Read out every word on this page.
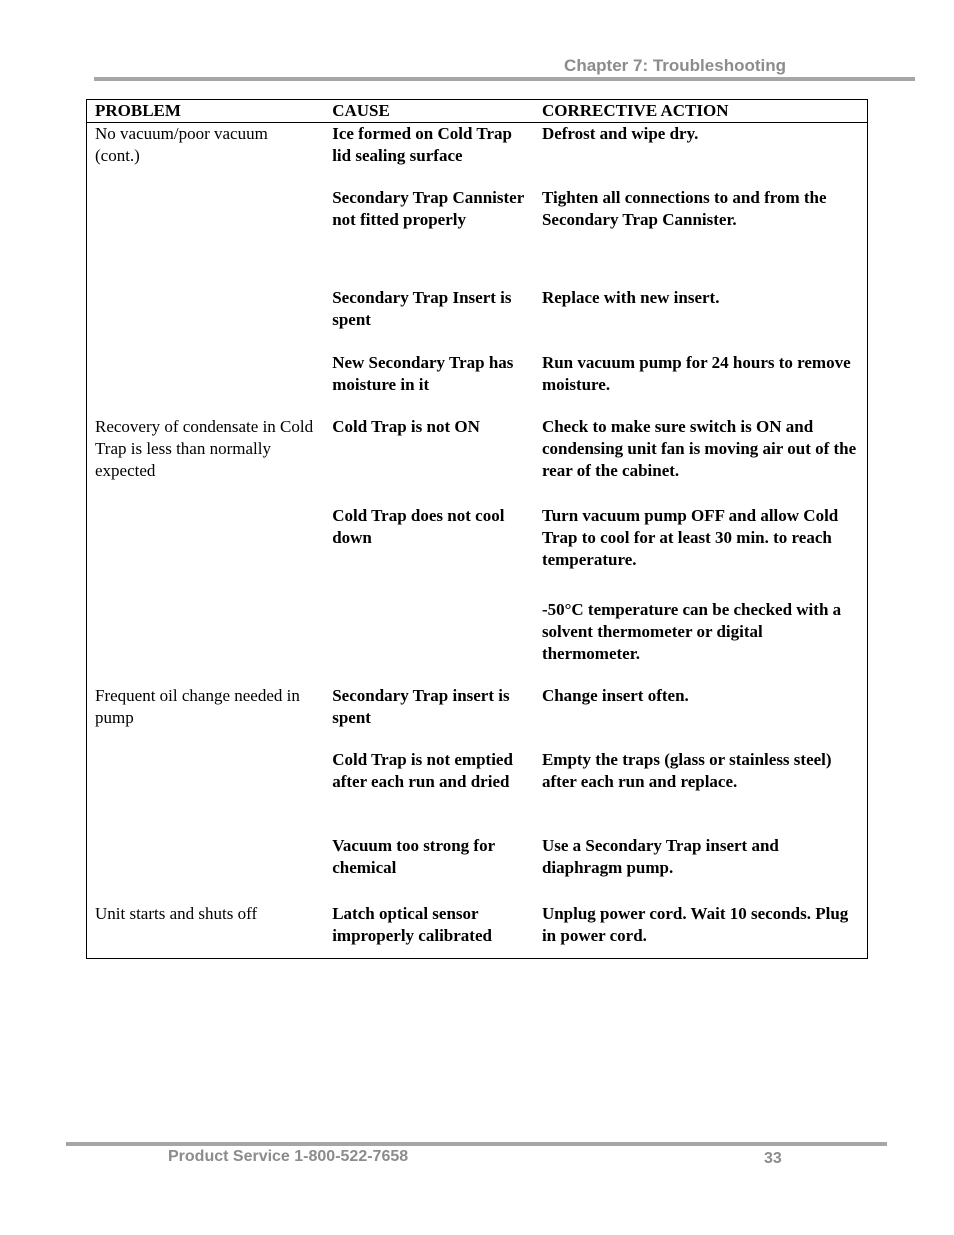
Chapter 7: Troubleshooting
PROBLEM	CAUSE	CORRECTIVE ACTION
No vacuum/poor vacuum (cont.)	Ice formed on Cold Trap lid sealing surface	Defrost and wipe dry.
	Secondary Trap Cannister not fitted properly	Tighten all connections to and from the Secondary Trap Cannister.
	Secondary Trap Insert is spent	Replace with new insert.
	New Secondary Trap has moisture in it	Run vacuum pump for 24 hours to remove moisture.
Recovery of condensate in Cold Trap is less than normally expected	Cold Trap is not ON	Check to make sure switch is ON and condensing unit fan is moving air out of the rear of the cabinet.
	Cold Trap does not cool down	Turn vacuum pump OFF and allow Cold Trap to cool for at least 30 min. to reach temperature.
		-50°C temperature can be checked with a solvent thermometer or digital thermometer.
Frequent oil change needed in pump	Secondary Trap insert is spent	Change insert often.
	Cold Trap is not emptied after each run and dried	Empty the traps (glass or stainless steel) after each run and replace.
	Vacuum too strong for chemical	Use a Secondary Trap insert and diaphragm pump.
Unit starts and shuts off	Latch optical sensor improperly calibrated	Unplug power cord. Wait 10 seconds. Plug in power cord.
Product Service 1-800-522-7658	33
